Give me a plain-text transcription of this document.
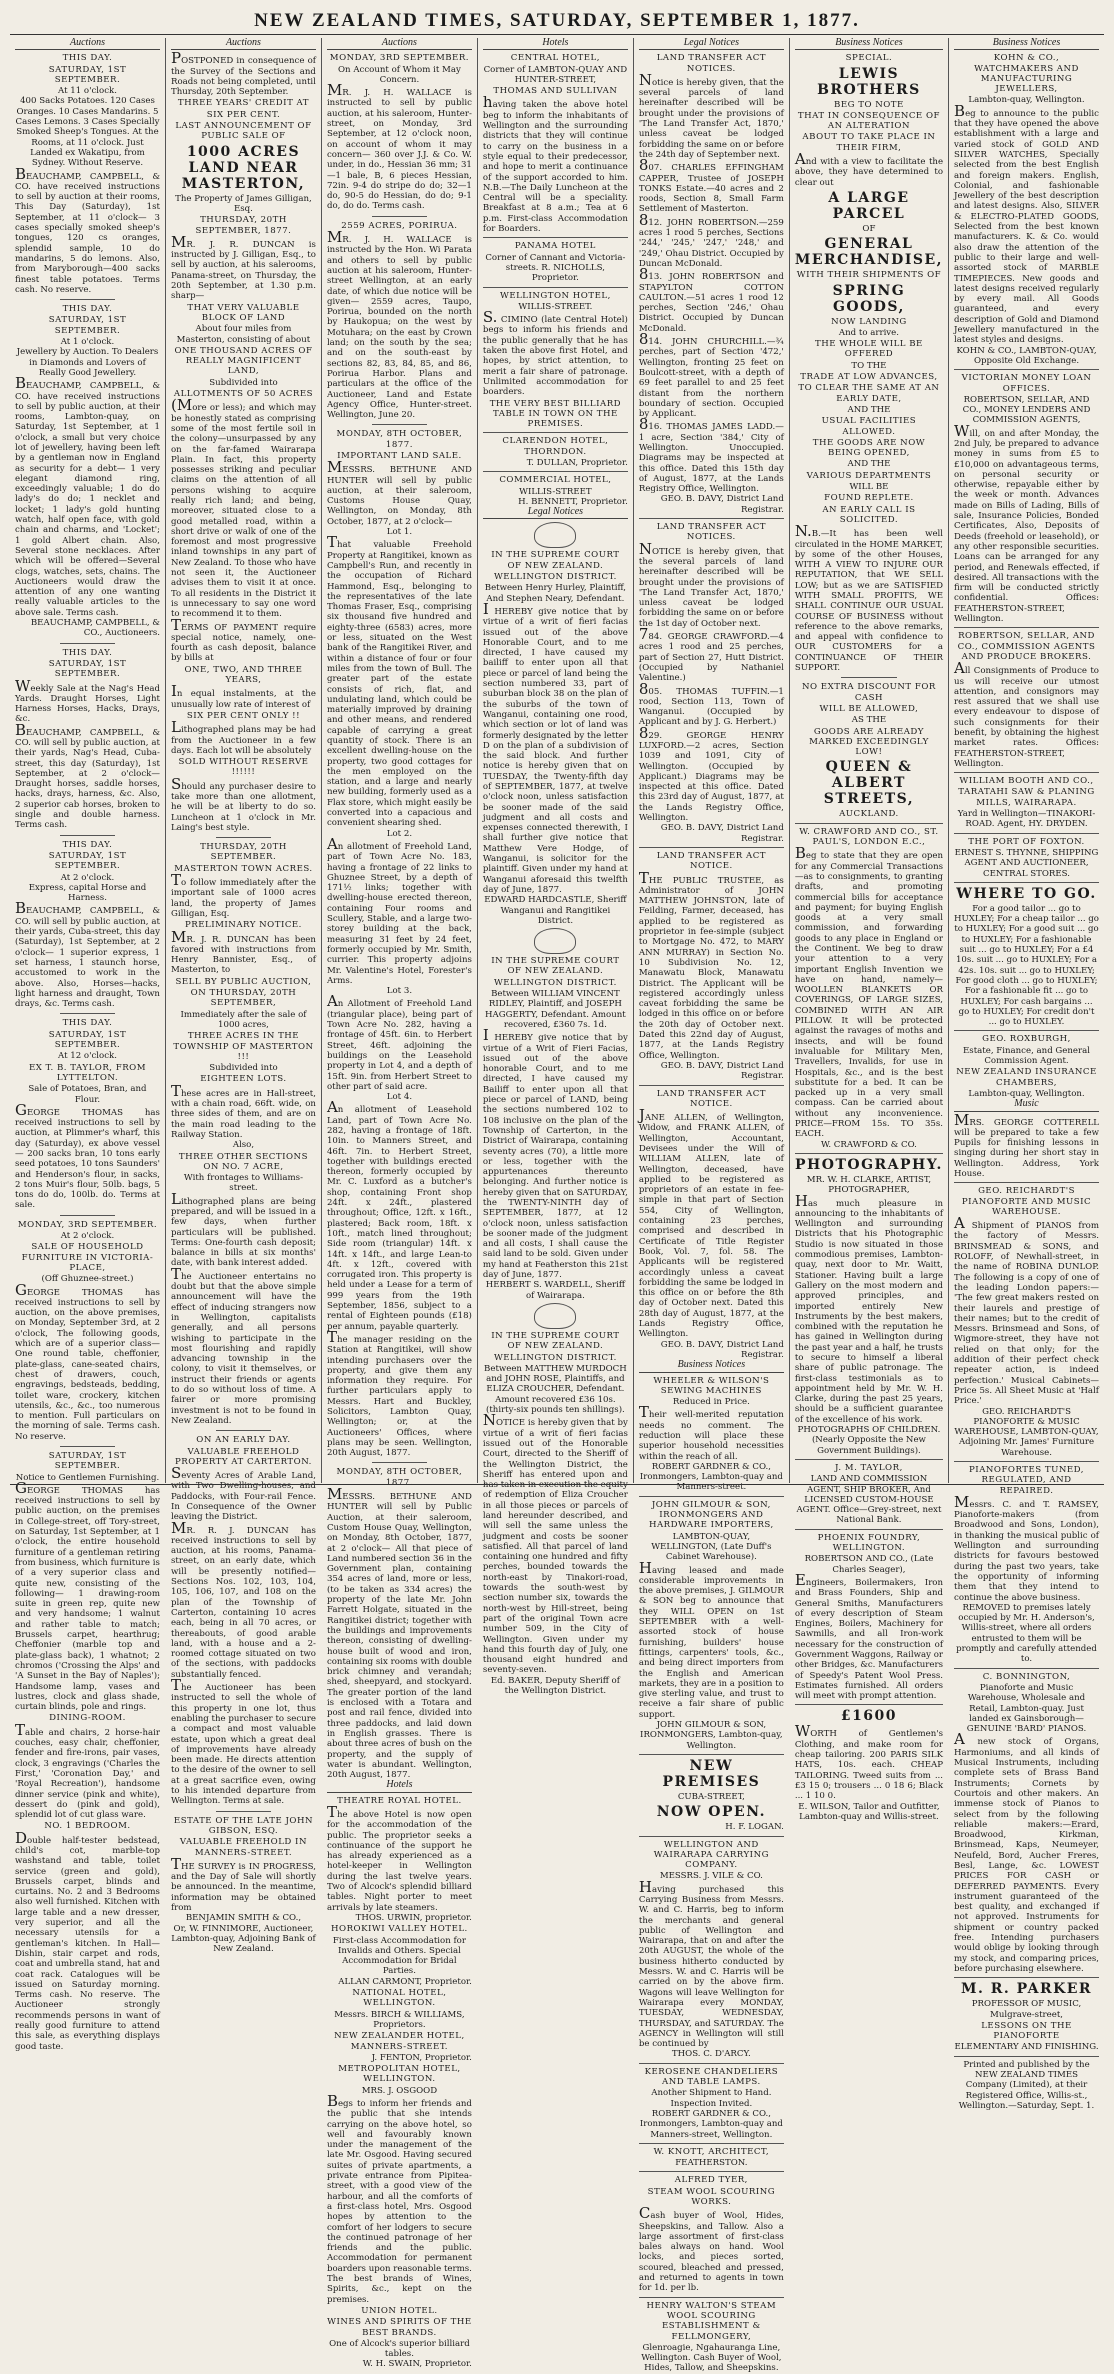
NEW ZEALAND TIMES, SATURDAY, SEPTEMBER 1, 1877.
Auctions
THIS DAY.
SATURDAY, 1ST SEPTEMBER.
At 11 o'clock.
400 Sacks Potatoes. 120 Cases Oranges. 10 Cases Mandarins. 5 Cases Lemons. 3 Cases Specially Smoked Sheep's Tongues. At the Rooms, at 11 o'clock. Just Landed ex Wakatipu, from Sydney. Without Reserve.
BEAUCHAMP, CAMPBELL, & CO. have received instructions to sell by auction at their rooms, This Day (Saturday), 1st September, at 11 o'clock— 3 cases specially smoked sheep's tongues, 120 cs oranges, splendid sample, 10 do mandarins, 5 do lemons. Also, from Maryborough—400 sacks finest table potatoes. Terms cash. No reserve.
THIS DAY.
SATURDAY, 1ST SEPTEMBER.
At 1 o'clock.
Jewellery by Auction. To Dealers in Diamonds and Lovers of Really Good Jewellery.
BEAUCHAMP, CAMPBELL, & CO. have received instructions to sell by public auction, at their rooms, Lambton-quay, on Saturday, 1st September, at 1 o'clock, a small but very choice lot of jewellery, having been left by a gentleman now in England as security for a debt— 1 very elegant diamond ring, exceedingly valuable; 1 do do lady's do do; 1 necklet and locket; 1 lady's gold hunting watch, half open face, with gold chain and charms, and 'Locket'; 1 gold Albert chain. Also, Several stone necklaces. After which will be offered—Several clogs, watches, sets, chains. The Auctioneers would draw the attention of any one wanting really valuable articles to the above sale. Terms cash.
BEAUCHAMP, CAMPBELL, & CO., Auctioneers.
THIS DAY.
SATURDAY, 1ST SEPTEMBER.
Weekly Sale at the Nag's Head Yards. Draught Horses, Light Harness Horses, Hacks, Drays, &c.
BEAUCHAMP, CAMPBELL, & CO. will sell by public auction, at their yards, Nag's Head, Cuba-street, this day (Saturday), 1st September, at 2 o'clock—Draught horses, saddle horses, hacks, drays, harness, &c. Also, 2 superior cab horses, broken to single and double harness. Terms cash.
THIS DAY.
SATURDAY, 1ST SEPTEMBER.
At 2 o'clock.
Express, capital Horse and Harness.
BEAUCHAMP, CAMPBELL, & CO. will sell by public auction, at their yards, Cuba-street, this day (Saturday), 1st September, at 2 o'clock— 1 superior express, 1 set harness, 1 staunch horse, accustomed to work in the above. Also, Horses—hacks, light harness and draught, Town drays, &c. Terms cash.
THIS DAY.
SATURDAY, 1ST SEPTEMBER.
At 12 o'clock.
EX T. B. TAYLOR, FROM LYTTELTON.
Sale of Potatoes, Bran, and Flour.
GEORGE THOMAS has received instructions to sell by auction, at Plimmer's wharf, this day (Saturday), ex above vessel— 200 sacks bran, 10 tons early seed potatoes, 10 tons Saunders' and Henderson's flour, in sacks, 2 tons Muir's flour, 50lb. bags, 5 tons do do, 100lb. do. Terms at sale.
MONDAY, 3RD SEPTEMBER.
At 2 o'clock.
SALE OF HOUSEHOLD FURNITURE IN VICTORIA-PLACE,
(Off Ghuznee-street.)
GEORGE THOMAS has received instructions to sell by auction, on the above premises, on Monday, September 3rd, at 2 o'clock, The following goods, which are of a superior class— One round table, cheffonier, plate-glass, cane-seated chairs, chest of drawers, couch, engravings, bedsteads, bedding, toilet ware, crockery, kitchen utensils, &c., &c., too numerous to mention. Full particulars on the morning of sale. Terms cash. No reserve.
SATURDAY, 1ST SEPTEMBER.
Notice to Gentlemen Furnishing.
GEORGE THOMAS has received instructions to sell by public auction, on the premises in College-street, off Tory-street, on Saturday, 1st September, at 1 o'clock, the entire household furniture of a gentleman retiring from business, which furniture is of a very superior class and quite new, consisting of the following— 1 drawing-room suite in green rep, quite new and very handsome; 1 walnut and rather table to match; Brussels carpet, hearthrug; Cheffonier (marble top and plate-glass back), 1 whatnot; 2 chromos ('Crossing the Alps' and 'A Sunset in the Bay of Naples'); Handsome lamp, vases and lustres, clock and glass shade, curtain blinds, pole and rings.
DINING-ROOM.
Table and chairs, 2 horse-hair couches, easy chair, cheffonier, fender and fire-irons, pair vases, clock, 3 engravings ('Charles the First,' 'Coronation Day,' and 'Royal Recreation'), handsome dinner service (pink and white), dessert do (pink and gold), splendid lot of cut glass ware.
NO. 1 BEDROOM.
Double half-tester bedstead, child's cot, marble-top washstand and table, toilet service (green and gold), Brussels carpet, blinds and curtains. No. 2 and 3 Bedrooms also well furnished. Kitchen with large table and a new dresser, very superior, and all the necessary utensils for a gentleman's kitchen. In Hall—Dishin, stair carpet and rods, coat and umbrella stand, hat and coat rack. Catalogues will be issued on Saturday morning. Terms cash. No reserve. The Auctioneer strongly recommends persons in want of really good furniture to attend this sale, as everything displays good taste.
Auctions
POSTPONED in consequence of the Survey of the Sections and Roads not being completed, until Thursday, 20th September.
THREE YEARS' CREDIT AT
SIX PER CENT.
LAST ANNOUNCEMENT OF PUBLIC SALE OF
1000 ACRES LAND NEAR MASTERTON,
The Property of James Gilligan, Esq.
THURSDAY, 20TH SEPTEMBER, 1877.
MR. J. R. DUNCAN is instructed by J. Gilligan, Esq., to sell by auction, at his salerooms, Panama-street, on Thursday, the 20th September, at 1.30 p.m. sharp—
THAT VERY VALUABLE BLOCK OF LAND
About four miles from Masterton, consisting of about
ONE THOUSAND ACRES OF REALLY MAGNIFICENT LAND,
Subdivided into
ALLOTMENTS OF 50 ACRES
(More or less); and which may be honestly stated as comprising some of the most fertile soil in the colony—unsurpassed by any on the far-famed Wairarapa Plain. In fact, this property possesses striking and peculiar claims on the attention of all persons wishing to acquire really rich land; and being, moreover, situated close to a good metalled road, within a short drive or walk of one of the foremost and most progressive inland townships in any part of New Zealand. To those who have not seen it, the Auctioneer advises them to visit it at once. To all residents in the District it is unnecessary to say one word to recommend it to them.
TERMS OF PAYMENT require special notice, namely, one-fourth as cash deposit, balance by bills at
ONE, TWO, AND THREE YEARS,
In equal instalments, at the unusually low rate of interest of
SIX PER CENT ONLY !!
Lithographed plans may be had from the Auctioneer in a few days. Each lot will be absolutely
SOLD WITHOUT RESERVE !!!!!!
Should any purchaser desire to take more than one allotment, he will be at liberty to do so. Luncheon at 1 o'clock in Mr. Laing's best style.
THURSDAY, 20TH SEPTEMBER.
MASTERTON TOWN ACRES.
To follow immediately after the important sale of 1000 acres land, the property of James Gilligan, Esq.
PRELIMINARY NOTICE.
MR. J. R. DUNCAN has been favored with instructions from Henry Bannister, Esq., of Masterton, to
SELL BY PUBLIC AUCTION,
ON THURSDAY, 20TH SEPTEMBER,
Immediately after the sale of 1000 acres,
THREE ACRES IN THE TOWNSHIP OF MASTERTON !!!
Subdivided into
EIGHTEEN LOTS.
These acres are in Hall-street, with a chain road, 66ft. wide, on three sides of them, and are on the main road leading to the Railway Station.
Also,
THREE OTHER SECTIONS ON NO. 7 ACRE,
With frontages to Williams-street.
Lithographed plans are being prepared, and will be issued in a few days, when further particulars will be published. Terms: One-fourth cash deposit; balance in bills at six months' date, with bank interest added.
The Auctioneer entertains no doubt but that the above simple announcement will have the effect of inducing strangers now in Wellington, capitalists generally, and all persons wishing to participate in the most flourishing and rapidly advancing township in the colony, to visit it themselves, or instruct their friends or agents to do so without loss of time. A fairer or more promising investment is not to be found in New Zealand.
ON AN EARLY DAY.
VALUABLE FREEHOLD PROPERTY AT CARTERTON.
Seventy Acres of Arable Land, with Two Dwelling-houses, and Paddocks, with Four-rail Fence. In Consequence of the Owner leaving the District.
MR. R. J. DUNCAN has received instructions to sell by auction, at his rooms, Panama-street, on an early date, which will be presently notified— Sections Nos. 102, 103, 104, 105, 106, 107, and 108 on the plan of the Township of Carterton, containing 10 acres each, being in all 70 acres, or thereabouts, of good arable land, with a house and a 2-roomed cottage situated on two of the sections, with paddocks substantially fenced.
The Auctioneer has been instructed to sell the whole of this property in one lot, thus enabling the purchaser to secure a compact and most valuable estate, upon which a great deal of improvements have already been made. He directs attention to the desire of the owner to sell at a great sacrifice even, owing to his intended departure from Wellington. Terms at sale.
ESTATE OF THE LATE JOHN GIBSON, ESQ.
VALUABLE FREEHOLD IN MANNERS-STREET.
THE SURVEY is IN PROGRESS, and the Day of Sale will shortly be announced. In the meantime, information may be obtained from
BENJAMIN SMITH & CO.,
Or, W. FINNIMORE, Auctioneer, Lambton-quay, Adjoining Bank of New Zealand.
Auctions
MONDAY, 3RD SEPTEMBER.
On Account of Whom it May Concern.
MR. J. H. WALLACE is instructed to sell by public auction, at his saleroom, Hunter-street, on Monday, 3rd September, at 12 o'clock noon, on account of whom it may concern— 360 over J.J. & Co. W. under, in do., Hessian 36 mm; 31—1 bale, B, 6 pieces Hessian, 72in. 9-4 do stripe do do; 32—1 do, 90-5 do Hessian, do do; 9-1 do, do do. Terms cash.
2559 ACRES, PORIRUA.
MR. J. H. WALLACE is instructed by the Hon. Wi Parata and others to sell by public auction at his saleroom, Hunter-street Wellington, at an early date, of which due notice will be given— 2559 acres, Taupo, Porirua, bounded on the north by Haukopua; on the west by Motuhara; on the east by Crown land; on the south by the sea; and on the south-east by sections 82, 83, 84, 85, and 86, Porirua Harbor. Plans and particulars at the office of the Auctioneer, Land and Estate Agency Office, Hunter-street. Wellington, June 20.
MONDAY, 8TH OCTOBER, 1877.
IMPORTANT LAND SALE.
MESSRS. BETHUNE AND HUNTER will sell by public auction, at their saleroom, Customs House Quay, Wellington, on Monday, 8th October, 1877, at 2 o'clock—
Lot 1.
That valuable Freehold Property at Rangitikei, known as Campbell's Run, and recently in the occupation of Richard Hammond, Esq., belonging to the representatives of the late Thomas Fraser, Esq., comprising six thousand five hundred and eighty-three (6583) acres, more or less, situated on the West bank of the Rangitikei River, and within a distance of four or four miles from the town of Bull. The greater part of the estate consists of rich, flat, and undulating land, which could be materially improved by draining and other means, and rendered capable of carrying a great quantity of stock. There is an excellent dwelling-house on the property, two good cottages for the men employed on the station, and a large and nearly new building, formerly used as a Flax store, which might easily be converted into a capacious and convenient shearing shed.
Lot 2.
An allotment of Freehold Land, part of Town Acre No. 183, having a frontage of 22 links to Ghuznee Street, by a depth of 171½ links; together with dwelling-house erected thereon, containing Four rooms and Scullery, Stable, and a large two-storey building at the back, measuring 31 feet by 24 feet, formerly occupied by Mr. Smith, currier. This property adjoins Mr. Valentine's Hotel, Forester's Arms.
Lot 3.
An Allotment of Freehold Land (triangular place), being part of Town Acre No. 282, having a frontage of 45ft. 6in. to Herbert Street, 46ft. adjoining the buildings on the Leasehold property in Lot 4, and a depth of 15ft. 9in. from Herbert Street to other part of said acre.
Lot 4.
An allotment of Leasehold Land, part of Town Acre No. 282, having a frontage of 18ft. 10in. to Manners Street, and 46ft. 7in. to Herbert Street, together with buildings erected thereon, formerly occupied by Mr. C. Luxford as a butcher's shop, containing Front shop 24ft. x 24ft., plastered throughout; Office, 12ft. x 16ft., plastered; Back room, 18ft. x 10ft., match lined throughout; Side room (triangular) 14ft. x 14ft. x 14ft., and large Lean-to 4ft. x 12ft., covered with corrugated iron. This property is held under a Lease for a term of 999 years from the 19th September, 1856, subject to a rental of Eighteen pounds (£18) per annum, payable quarterly.
The manager residing on the Station at Rangitikei, will show intending purchasers over the property, and give them any information they require. For further particulars apply to Messrs. Hart and Buckley, Solicitors, Lambton Quay, Wellington; or, at the Auctioneers' Offices, where plans may be seen. Wellington, 20th August, 1877.
MONDAY, 8TH OCTOBER, 1877.
MESSRS. BETHUNE AND HUNTER will sell by Public Auction, at their saleroom, Custom House Quay, Wellington, on Monday, 8th October, 1877, at 2 o'clock— All that piece of Land numbered section 36 in the Government plan, containing 354 acres of land, more or less, (to be taken as 334 acres) the property of the late Mr. John Farrett Holgate, situated in the Rangitikei district; together with the buildings and improvements thereon, consisting of dwelling-house built of wood and iron, containing six rooms with double brick chimney and verandah; shed, sheepyard, and stockyard. The greater portion of the land is enclosed with a Totara and post and rail fence, divided into three paddocks, and laid down in English grasses. There is about three acres of bush on the property, and the supply of water is abundant. Wellington, 20th August, 1877.
Hotels
THEATRE ROYAL HOTEL.
The above Hotel is now open for the accommodation of the public. The proprietor seeks a continuance of the support he has already experienced as a hotel-keeper in Wellington during the last twelve years. Two of Alcock's splendid billiard tables. Night porter to meet arrivals by late steamers.
THOS. URWIN, proprietor.
HOROKIWI VALLEY HOTEL.
First-class Accommodation for Invalids and Others. Special Accommodation for Bridal Parties.
ALLAN CARMONT, Proprietor.
NATIONAL HOTEL, WELLINGTON.
Messrs. BIRCH & WILLIAMS, Proprietors.
NEW ZEALANDER HOTEL, MANNERS-STREET.
J. FENTON, Proprietor.
METROPOLITAN HOTEL, WELLINGTON.
MRS. J. OSGOOD
Begs to inform her friends and the public that she intends carrying on the above hotel, so well and favourably known under the management of the late Mr. Osgood. Having secured suites of private apartments, a private entrance from Pipitea-street, with a good view of the harbour, and all the comforts of a first-class hotel, Mrs. Osgood hopes by attention to the comfort of her lodgers to secure the continued patronage of her friends and the public. Accommodation for permanent boarders upon reasonable terms. The best brands of Wines, Spirits, &c., kept on the premises.
UNION HOTEL.
WINES AND SPIRITS OF THE BEST BRANDS.
One of Alcock's superior billiard tables.
W. H. SWAIN, Proprietor.
Hotels
CENTRAL HOTEL,
Corner of LAMBTON-QUAY AND HUNTER-STREET,
THOMAS AND SULLIVAN
having taken the above hotel beg to inform the inhabitants of Wellington and the surrounding districts that they will continue to carry on the business in a style equal to their predecessor, and hope to merit a continuance of the support accorded to him. N.B.—The Daily Luncheon at the Central will be a speciality. Breakfast at 8 a.m.; Tea at 6 p.m. First-class Accommodation for Boarders.
PANAMA HOTEL
Corner of Cannant and Victoria-streets. R. NICHOLLS, Proprietor.
WELLINGTON HOTEL,
WILLIS-STREET.
S. CIMINO (late Central Hotel) begs to inform his friends and the public generally that he has taken the above first Hotel, and hopes, by strict attention, to merit a fair share of patronage. Unlimited accommodation for boarders.
THE VERY BEST BILLIARD TABLE IN TOWN ON THE PREMISES.
CLARENDON HOTEL, THORNDON.
T. DULLAN, Proprietor.
COMMERCIAL HOTEL,
WILLIS-STREET
H. BENNETT, Proprietor.
Legal Notices
IN THE SUPREME COURT OF NEW ZEALAND.
WELLINGTON DISTRICT.
Between Henry Hurley, Plaintiff, And Stephen Neary, Defendant.
I HEREBY give notice that by virtue of a writ of fieri facias issued out of the above Honorable Court, and to me directed, I have caused my bailiff to enter upon all that piece or parcel of land being the section numbered 33, part of suburban block 38 on the plan of the suburbs of the town of Wanganui, containing one rood, which section or lot of land was formerly designated by the letter D on the plan of a subdivision of the said block. And further notice is hereby given that on TUESDAY, the Twenty-fifth day of SEPTEMBER, 1877, at twelve o'clock noon, unless satisfaction be sooner made of the said judgment and all costs and expenses connected therewith, I shall further give notice that Matthew Vere Hodge, of Wanganui, is solicitor for the plaintiff. Given under my hand at Wanganui aforesaid this twelfth day of June, 1877.
EDWARD HARDCASTLE, Sheriff Wanganui and Rangitikei District.
IN THE SUPREME COURT OF NEW ZEALAND.
WELLINGTON DISTRICT.
Between WILLIAM VINCENT RIDLEY, Plaintiff, and JOSEPH HAGGERTY, Defendant. Amount recovered, £360 7s. 1d.
I HEREBY give notice that by virtue of a Writ of Fieri Facias, issued out of the above honorable Court, and to me directed, I have caused my Bailiff to enter upon all that piece or parcel of LAND, being the sections numbered 102 to 108 inclusive on the plan of the Township of Carterton, in the District of Wairarapa, containing seventy acres (70), a little more or less, together with the appurtenances thereunto belonging. And further notice is hereby given that on SATURDAY, the TWENTY-NINTH day of SEPTEMBER, 1877, at 12 o'clock noon, unless satisfaction be sooner made of the judgment and all costs, I shall cause the said land to be sold. Given under my hand at Featherston this 21st day of June, 1877.
HERBERT S. WARDELL, Sheriff of Wairarapa.
IN THE SUPREME COURT OF NEW ZEALAND.
WELLINGTON DISTRICT.
Between MATTHEW MURDOCH and JOHN ROSE, Plaintiffs, and ELIZA CROUCHER, Defendant. Amount recovered £36 10s. (thirty-six pounds ten shillings).
NOTICE is hereby given that by virtue of a writ of fieri facias issued out of the Honorable Court, directed to the Sheriff of the Wellington District, the Sheriff has entered upon and has taken in execution the equity of redemption of Eliza Croucher in all those pieces or parcels of land hereunder described, and will sell the same unless the judgment and costs be sooner satisfied. All that parcel of land containing one hundred and fifty perches, bounded towards the north-east by Tinakori-road, towards the south-west by section number six, towards the north-west by Hill-street, being part of the original Town acre number 509, in the City of Wellington. Given under my hand this fourth day of July, one thousand eight hundred and seventy-seven.
Ed. BAKER, Deputy Sheriff of the Wellington District.
Legal Notices
LAND TRANSFER ACT NOTICES.
Notice is hereby given, that the several parcels of land hereinafter described will be brought under the provisions of 'The Land Transfer Act, 1870,' unless caveat be lodged forbidding the same on or before the 24th day of September next.
807. CHARLES EFFINGHAM CAPPER, Trustee of JOSEPH TONKS Estate.—40 acres and 2 roods, Section 8, Small Farm Settlement of Masterton.
812. JOHN ROBERTSON.—259 acres 1 rood 5 perches, Sections '244,' '245,' '247,' '248,' and '249,' Ohau District. Occupied by Duncan McDonald.
813. JOHN ROBERTSON and STAPYLTON COTTON CAULTON.—51 acres 1 rood 12 perches, Section '246,' Ohau District. Occupied by Duncan McDonald.
814. JOHN CHURCHILL.—¾ perches, part of Section '472,' Wellington, fronting 25 feet on Boulcott-street, with a depth of 69 feet parallel to and 25 feet distant from the northern boundary of section. Occupied by Applicant.
816. THOMAS JAMES LADD.—1 acre, Section '384,' City of Wellington. Unoccupied. Diagrams may be inspected at this office. Dated this 15th day of August, 1877, at the Lands Registry Office, Wellington.
GEO. B. DAVY, District Land Registrar.
LAND TRANSFER ACT NOTICES.
NOTICE is hereby given, that the several parcels of land hereinafter described will be brought under the provisions of 'The Land Transfer Act, 1870,' unless caveat be lodged forbidding the same on or before the 1st day of October next.
784. GEORGE CRAWFORD.—4 acres 1 rood and 25 perches, part of Section 27, Hutt District. (Occupied by Nathaniel Valentine.)
805. THOMAS TUFFIN.—1 rood, Section 113, Town of Wanganui. (Occupied by Applicant and by J. G. Herbert.)
829. GEORGE HENRY LUXFORD.—2 acres, Section 1039 and 1091, City of Wellington. (Occupied by Applicant.) Diagrams may be inspected at this office. Dated this 23rd day of August, 1877, at the Lands Registry Office, Wellington.
GEO. B. DAVY, District Land Registrar.
LAND TRANSFER ACT NOTICE.
THE PUBLIC TRUSTEE, as Administrator of JOHN MATTHEW JOHNSTON, late of Feilding, Farmer, deceased, has applied to be registered as proprietor in fee-simple (subject to Mortgage No. 472, to MARY ANN MURRAY) in Section No. 10 Subdivision No. 12, Manawatu Block, Manawatu District. The Applicant will be registered accordingly unless caveat forbidding the same be lodged in this office on or before the 20th day of October next. Dated this 22nd day of August, 1877, at the Lands Registry Office, Wellington.
GEO. B. DAVY, District Land Registrar.
LAND TRANSFER ACT NOTICE.
JANE ALLEN, of Wellington, Widow, and FRANK ALLEN, of Wellington, Accountant, Devisees under the Will of WILLIAM ALLEN, late of Wellington, deceased, have applied to be registered as proprietors of an estate in fee-simple in that part of Section 554, City of Wellington, containing 23 perches, comprised and described in Certificate of Title Register Book, Vol. 7, fol. 58. The Applicants will be registered accordingly unless a caveat forbidding the same be lodged in this office on or before the 8th day of October next. Dated this 28th day of August, 1877, at the Lands Registry Office, Wellington.
GEO. B. DAVY, District Land Registrar.
Business Notices
WHEELER & WILSON'S SEWING MACHINES
Reduced in Price.
Their well-merited reputation needs no comment. The reduction will place these superior household necessities within the reach of all.
ROBERT GARDNER & CO., Ironmongers, Lambton-quay and Manners-street.
JOHN GILMOUR & SON, IRONMONGERS AND HARDWARE IMPORTERS,
LAMBTON-QUAY, WELLINGTON, (Late Duff's Cabinet Warehouse).
Having leased and made considerable improvements in the above premises, J. GILMOUR & SON beg to announce that they WILL OPEN on 1st SEPTEMBER with a well-assorted stock of house furnishing, builders' house fittings, carpenters' tools, &c., and being direct importers from the English and American markets, they are in a position to give sterling value, and trust to receive a fair share of public support.
JOHN GILMOUR & SON, IRONMONGERS, Lambton-quay, Wellington.
NEW PREMISES
CUBA-STREET,
NOW OPEN.
H. F. LOGAN.
WELLINGTON AND WAIRARAPA CARRYING COMPANY.
MESSRS. J. VILE & CO.
Having purchased this Carrying Business from Messrs. W. and C. Harris, beg to inform the merchants and general public of Wellington and Wairarapa, that on and after the 20th AUGUST, the whole of the business hitherto conducted by Messrs. W. and C. Harris will be carried on by the above firm. Wagons will leave Wellington for Wairarapa every MONDAY, TUESDAY, WEDNESDAY, THURSDAY, and SATURDAY. The AGENCY in Wellington will still be continued by
THOS. C. D'ARCY.
KEROSENE CHANDELIERS AND TABLE LAMPS.
Another Shipment to Hand. Inspection Invited.
ROBERT GARDNER & CO., Ironmongers, Lambton-quay and Manners-street, Wellington.
W. KNOTT, ARCHITECT,
FEATHERSTON.
ALFRED TYER,
STEAM WOOL SCOURING WORKS.
Cash buyer of Wool, Hides, Sheepskins, and Tallow. Also a large assortment of first-class bales always on hand. Wool locks, and pieces sorted, scoured, bleached and pressed, and returned to agents in town for 1d. per lb.
HENRY WALTON'S STEAM WOOL SCOURING ESTABLISHMENT & FELLMONGERY,
Glenroagie, Ngahauranga Line, Wellington. Cash Buyer of Wool, Hides, Tallow, and Sheepskins.
Business Notices
SPECIAL.
LEWIS BROTHERS
BEG TO NOTE
THAT IN CONSEQUENCE OF AN ALTERATION
ABOUT TO TAKE PLACE IN THEIR FIRM,
And with a view to facilitate the above, they have determined to clear out
A LARGE PARCEL
OF
GENERAL MERCHANDISE,
WITH THEIR SHIPMENTS OF
SPRING GOODS,
NOW LANDING
And to arrive.
THE WHOLE WILL BE OFFERED
TO THE
TRADE AT LOW ADVANCES,
TO CLEAR THE SAME AT AN EARLY DATE,
AND THE
USUAL FACILITIES ALLOWED.
THE GOODS ARE NOW BEING OPENED,
AND THE
VARIOUS DEPARTMENTS
WILL BE
FOUND REPLETE.
AN EARLY CALL IS SOLICITED.
N.B.—It has been well circulated in the HOME MARKET, by some of the other Houses, WITH A VIEW TO INJURE OUR REPUTATION, that WE SELL LOW; but as we are SATISFIED WITH SMALL PROFITS, WE SHALL CONTINUE OUR USUAL COURSE OF BUSINESS without reference to the above remarks, and appeal with confidence to OUR CUSTOMERS for a CONTINUANCE OF THEIR SUPPORT.
NO EXTRA DISCOUNT FOR CASH
WILL BE ALLOWED,
AS THE
GOODS ARE ALREADY MARKED EXCEEDINGLY LOW!
QUEEN & ALBERT STREETS,
AUCKLAND.
W. CRAWFORD AND CO., ST. PAUL'S, LONDON E.C.,
Beg to state that they are open for any Commercial Transactions—as to consignments, to granting drafts, and promoting commercial bills for acceptance and payment; for buying English goods at a very small commission, and forwarding goods to any place in England or the Continent. We beg to draw your attention to a very important English Invention we have on hand, namely— WOOLLEN BLANKETS OR COVERINGS, OF LARGE SIZES, COMBINED WITH AN AIR PILLOW. It will be protected against the ravages of moths and insects, and will be found invaluable for Military Men, Travellers, Invalids, for use in Hospitals, &c., and is the best substitute for a bed. It can be packed up in a very small compass. Can be carried about without any inconvenience. PRICE—FROM 15s. TO 35s. EACH.
W. CRAWFORD & CO.
PHOTOGRAPHY.
MR. W. H. CLARKE, ARTIST, PHOTOGRAPHER,
Has much pleasure in announcing to the inhabitants of Wellington and surrounding Districts that his Photographic Studio is now situated in those commodious premises, Lambton-quay, next door to Mr. Waitt, Stationer. Having built a large Gallery on the most modern and approved principles, and imported entirely New Instruments by the best makers, combined with the reputation he has gained in Wellington during the past year and a half, he trusts to secure to himself a liberal share of public patronage. The first-class testimonials as to appointment held by Mr. W. H. Clarke, during the past 25 years, should be a sufficient guarantee of the excellence of his work.
PHOTOGRAPHS OF CHILDREN.
(Nearly Opposite the New Government Buildings).
J. M. TAYLOR,
LAND AND COMMISSION AGENT, SHIP BROKER, And LICENSED CUSTOM-HOUSE AGENT. Office—Grey-street, next National Bank.
PHOENIX FOUNDRY, WELLINGTON.
ROBERTSON AND CO., (Late Charles Seager),
Engineers, Boilermakers, Iron and Brass Founders, Ship and General Smiths, Manufacturers of every description of Steam Engines, Boilers, Machinery for Sawmills, and all Iron-work necessary for the construction of Government Waggons, Railway or other Bridges, &c. Manufacturers of Speedy's Patent Wool Press. Estimates furnished. All orders will meet with prompt attention.
£1600
WORTH of Gentlemen's Clothing, and make room for cheap tailoring. 200 PARIS SILK HATS, 10s. each. CHEAP TAILORING. Tweed suits from ... £3 15 0; trousers ... 0 18 6; Black ... 1 10 0.
E. WILSON, Tailor and Outfitter, Lambton-quay and Willis-street.
Business Notices
KOHN & CO., WATCHMAKERS AND MANUFACTURING JEWELLERS,
Lambton-quay, Wellington.
Beg to announce to the public that they have opened the above establishment with a large and varied stock of GOLD AND SILVER WATCHES, Specially selected from the best English and foreign makers. English, Colonial, and fashionable Jewellery of the best description and latest designs. Also, SILVER & ELECTRO-PLATED GOODS, Selected from the best known manufacturers. K. & Co. would also draw the attention of the public to their large and well-assorted stock of MARBLE TIMEPIECES. New goods and latest designs received regularly by every mail. All Goods guaranteed, and every description of Gold and Diamond Jewellery manufactured in the latest styles and designs.
KOHN & CO., LAMBTON-QUAY, Opposite Old Exchange.
VICTORIAN MONEY LOAN OFFICES.
ROBERTSON, SELLAR, AND CO., MONEY LENDERS AND COMMISSION AGENTS,
Will, on and after Monday, the 2nd July, be prepared to advance money in sums from £5 to £10,000 on advantageous terms, on personal security or otherwise, repayable either by the week or month. Advances made on Bills of Lading, Bills of sale, Insurance Policies, Bonded Certificates, Also, Deposits of Deeds (freehold or leasehold), or any other responsible securities. Loans can be arranged for any period, and Renewals effected, if desired. All transactions with the firm will be conducted strictly confidential. Offices: FEATHERSTON-STREET, Wellington.
ROBERTSON, SELLAR, AND CO., COMMISSION AGENTS AND PRODUCE BROKERS.
All Consignments of Produce to us will receive our utmost attention, and consignors may rest assured that we shall use every endeavour to dispose of such consignments for their benefit, by obtaining the highest market rates. Offices: FEATHERSTON-STREET, Wellington.
WILLIAM BOOTH AND CO.,
TARATAHI SAW & PLANING MILLS, WAIRARAPA.
Yard in Wellington—TINAKORI-ROAD. Agent, HY. DRYDEN.
THE PORT OF FOXTON.
ERNEST S. THYNNE, SHIPPING AGENT AND AUCTIONEER, CENTRAL STORES.
WHERE TO GO.
For a good tailor ... go to HUXLEY; For a cheap tailor ... go to HUXLEY; For a good suit ... go to HUXLEY; For a fashionable suit ... go to HUXLEY; For a £4 10s. suit ... go to HUXLEY; For a 42s. 10s. suit ... go to HUXLEY; For good cloth ... go to HUXLEY; For a fashionable fit ... go to HUXLEY; For cash bargains ... go to HUXLEY; For credit don't ... go to HUXLEY.
GEO. ROXBURGH,
Estate, Finance, and General Commission Agent.
NEW ZEALAND INSURANCE CHAMBERS,
Lambton-quay, Wellington.
Music
MRS. GEORGE COTTERELL will be prepared to take a few Pupils for finishing lessons in singing during her short stay in Wellington. Address, York House.
GEO. REICHARDT'S PIANOFORTE AND MUSIC WAREHOUSE.
A Shipment of PIANOS from the factory of Messrs. BRINSMEAD & SONS, and ROLOFF, of Newhall-street, in the name of ROBINA DUNLOP. The following is a copy of one of the leading London papers:— 'The few great makers rested on their laurels and prestige of their names; but to the credit of Messrs. Brinsmead and Sons, of Wigmore-street, they have not relied on that only; for the addition of their perfect check repeater action, is indeed perfection.' Musical Cabinets—Price 5s. All Sheet Music at 'Half Price.'
GEO. REICHARDT'S PIANOFORTE & MUSIC WAREHOUSE, LAMBTON-QUAY, Adjoining Mr. James' Furniture Warehouse.
PIANOFORTES TUNED, REGULATED, AND REPAIRED.
Messrs. C. and T. RAMSEY, Pianoforte-makers (from Broadwood and Sons, London), in thanking the musical public of Wellington and surrounding districts for favours bestowed during the past two years, take the opportunity of informing them that they intend to continue the above business.
REMOVED to premises lately occupied by Mr. H. Anderson's, Willis-street, where all orders entrusted to them will be promptly and carefully attended to.
C. BONNINGTON,
Pianoforte and Music Warehouse, Wholesale and Retail, Lambton-quay. Just landed ex Gainsborough—GENUINE 'BARD' PIANOS.
A new stock of Organs, Harmoniums, and all kinds of Musical Instruments, including complete sets of Brass Band Instruments; Cornets by Courtois and other makers. An immense stock of Pianos to select from by the following reliable makers:—Erard, Broadwood, Kirkman, Brinsmead, Kaps, Neumeyer, Neufeld, Bord, Aucher Freres, Besl, Lange, &c. LOWEST PRICES FOR CASH or DEFERRED PAYMENTS. Every instrument guaranteed of the best quality, and exchanged if not approved. Instruments for shipment or country packed free. Intending purchasers would oblige by looking through my stock, and comparing prices, before purchasing elsewhere.
M. R. PARKER
PROFESSOR OF MUSIC, Mulgrave-street,
LESSONS ON THE PIANOFORTE
ELEMENTARY AND FINISHING.
Printed and published by the NEW ZEALAND TIMES Company (Limited), at their Registered Office, Willis-st., Wellington.—Saturday, Sept. 1.
